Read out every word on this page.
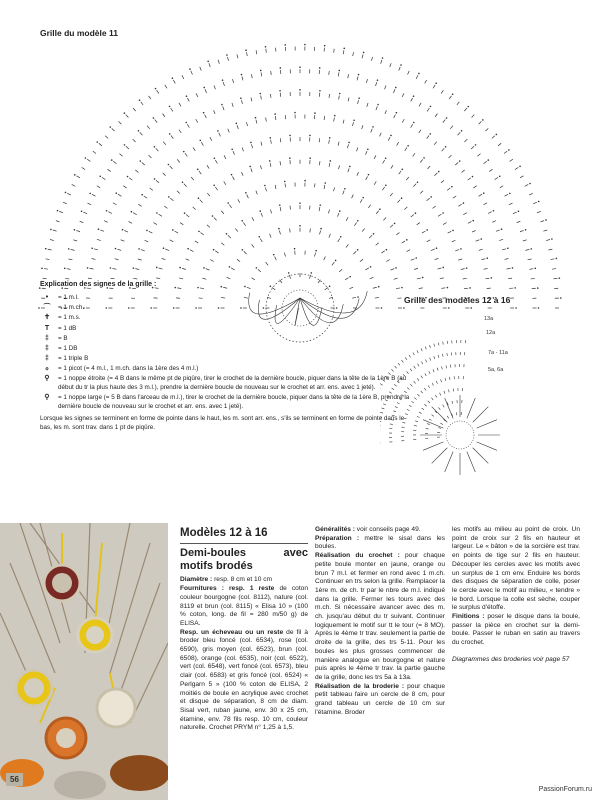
Grille du modèle 11
Grille des modèles 12 à 16
13a
12a
7a - 11a
5a, 6a
Explication des signes de la grille :
•	= 1 m.l.
⌒	= 1 m.ch.
✝	= 1 m.s.
T	= 1 dB
‡	= B
‡	= 1 DB
‡	= 1 triple B
ℴ	= 1 picot (= 4 m.l., 1 m.ch. dans la 1ère des 4 m.l.)
⚲	= 1 noppe étroite (= 4 B dans le même pt de piqûre, tirer le crochet de la dernière boucle, piquer dans la tête de la 1ère B (au début du tr la plus haute des 3 m.l.), prendre la dernière boucle de nouveau sur le crochet et arr. ens. avec 1 jeté).
⚲	= 1 noppe large (= 5 B dans l'arceau de m.l.), tirer le crochet de la dernière boucle, piquer dans la tête de la 1ère B, prendre la dernière boucle de nouveau sur le crochet et arr. ens. avec 1 jeté).
Lorsque les signes se terminent en forme de pointe dans le haut, les m. sont arr. ens., s'ils se terminent en forme de pointe dans le bas, les m. sont trav. dans 1 pt de piqûre.
56
Modèles 12 à 16
Demi-boules avec motifs brodés
Diamètre : resp. 8 cm et 10 cm
Fournitures : resp. 1 reste de coton couleur bourgogne (col. 8112), nature (col. 8119 et brun (col. 8115) « Elisa 10 » (100 % coton, long. de fil = 280 m/50 g) de ELISA.
Resp. un écheveau ou un reste de fil à broder bleu foncé (col. 6534), rose (col. 6590), gris moyen (col. 6523), brun (col. 6508), orange (col. 6535), noir (col. 6522), vert (col. 6548), vert foncé (col. 6573), bleu clair (col. 6583) et gris foncé (col. 6524) « Perlgarn 5 » (100 % coton de ELISA, 2 moitiés de boule en acrylique avec crochet et disque de séparation, 8 cm de diam. Sisal vert, ruban jaune, env. 30 x 25 cm, étamine, env. 78 fils resp. 10 cm, couleur naturelle. Crochet PRYM n° 1,25 à 1,5.
Généralités : voir conseils page 49.
Préparation : mettre le sisal dans les boules.
Réalisation du crochet : pour chaque petite boule monter en jaune, orange ou brun 7 m.l. et fermer en rond avec 1 m.ch. Continuer en trs selon la grille. Remplacer la 1ère m. de ch. tr par le nbre de m.l. indiqué dans la grille. Fermer les tours avec des m.ch. Si nécessaire avancer avec des m. ch. jusqu'au début du tr suivant. Continuer logiquement le motif sur tt le tour (= 8 MO). Après le 4ème tr trav. seulement la partie de droite de la grille, des trs 5-11. Pour les boules les plus grosses commencer de manière analogue en bourgogne et nature puis après le 4ème tr trav. la partie gauche de la grille, donc les trs 5a à 13a.
Réalisation de la broderie : pour chaque petit tableau faire un cercle de 8 cm, pour grand tableau un cercle de 10 cm sur l'étamine. Broder
les motifs au milieu au point de croix. Un point de croix sur 2 fils en hauteur et largeur. Le « bâton » de la sorcière est trav. en points de tige sur 2 fils en hauteur. Découper les cercles avec les motifs avec un surplus de 1 cm env. Enduire les bords des disques de séparation de colle, poser le cercle avec le motif au milieu, « tendre » le bord. Lorsque la colle est sèche, couper le surplus d'étoffe.
Finitions : poser le disque dans la boule, passer la pièce en crochet sur la demi-boule. Passer le ruban en satin au travers du crochet.
Diagrammes des broderies voir page 57
PassionForum.ru
